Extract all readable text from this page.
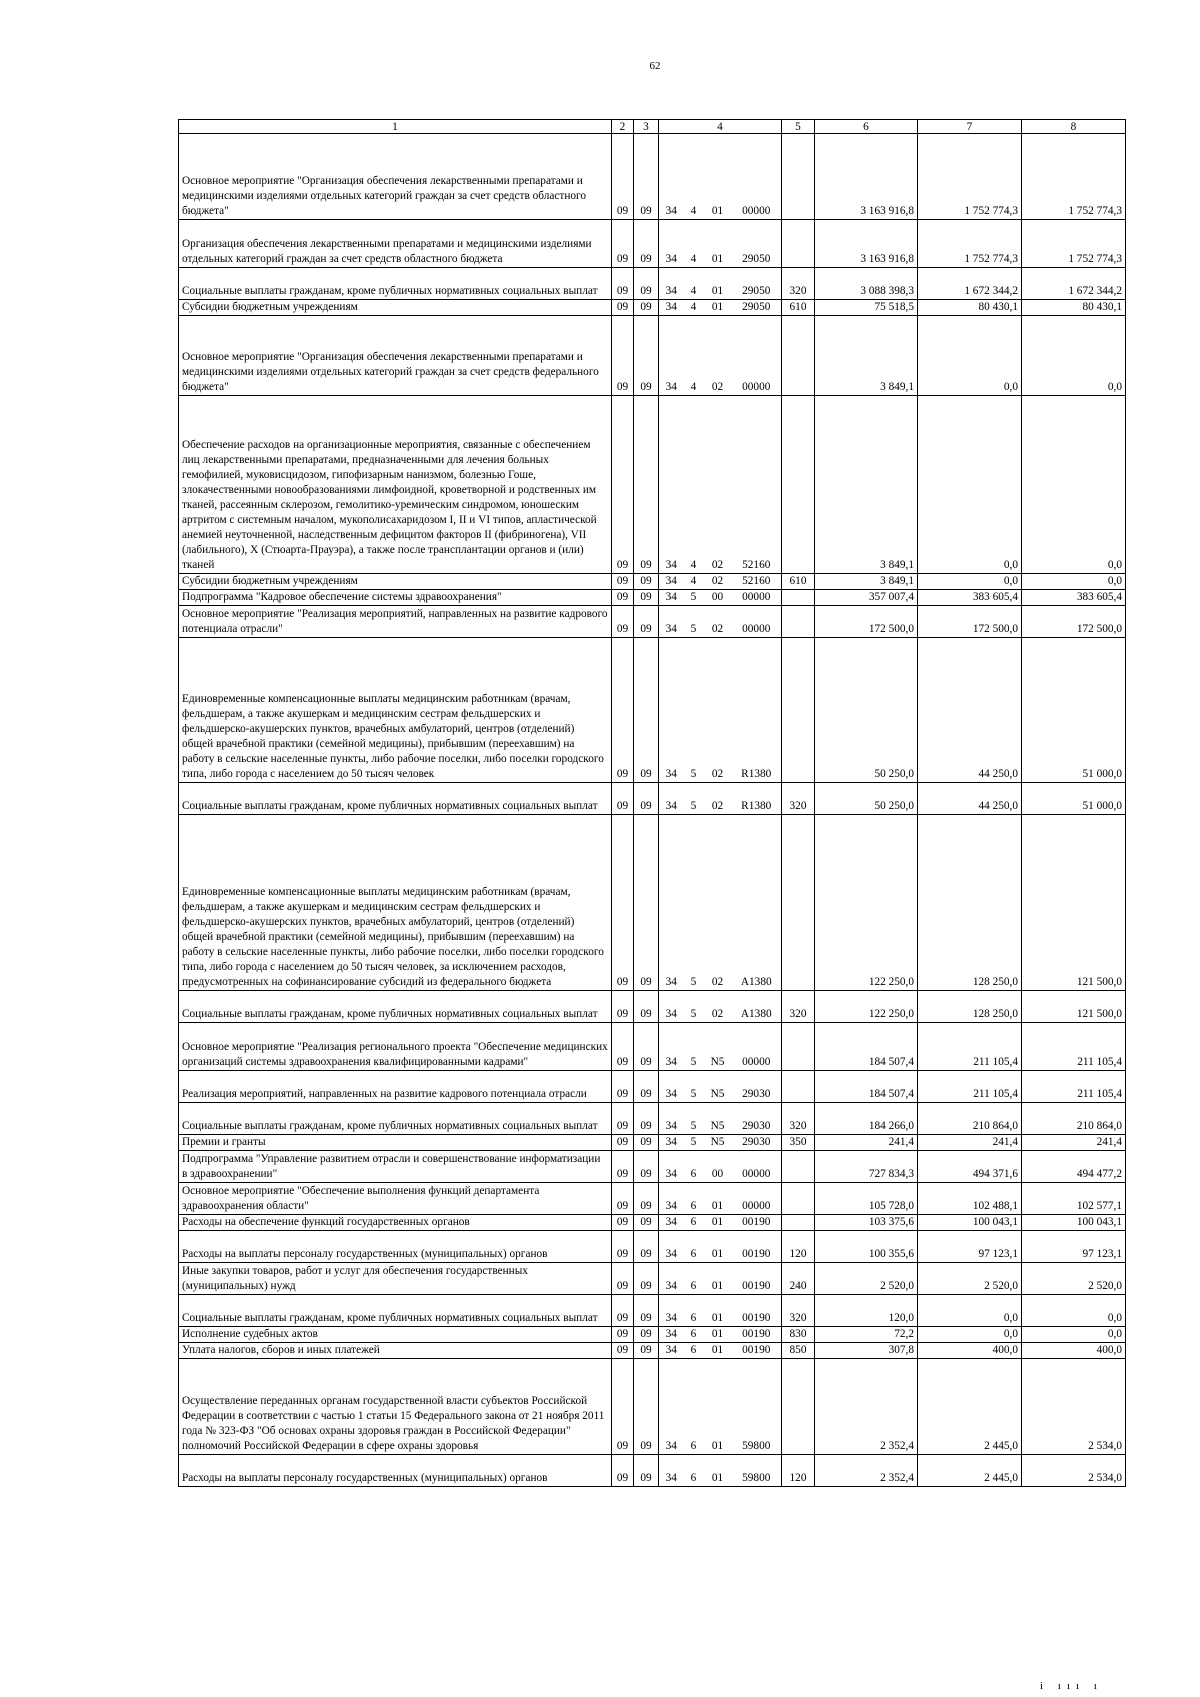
62
1	2	3	4				5	6	7	8
Основное мероприятие "Организация обеспечения лекарственными препаратами и медицинскими изделиями отдельных категорий граждан за счет средств областного бюджета"	09	09	34	4	01	00000		3 163 916,8	1 752 774,3	1 752 774,3
Организация обеспечения лекарственными препаратами и медицинскими изделиями отдельных категорий граждан за счет средств областного бюджета	09	09	34	4	01	29050		3 163 916,8	1 752 774,3	1 752 774,3
Социальные выплаты гражданам, кроме публичных нормативных социальных выплат	09	09	34	4	01	29050	320	3 088 398,3	1 672 344,2	1 672 344,2
Субсидии бюджетным учреждениям	09	09	34	4	01	29050	610	75 518,5	80 430,1	80 430,1
Основное мероприятие "Организация обеспечения лекарственными препаратами и медицинскими изделиями отдельных категорий граждан за счет средств федерального бюджета"	09	09	34	4	02	00000		3 849,1	0,0	0,0
Обеспечение расходов на организационные мероприятия, связанные с обеспечением лиц лекарственными препаратами, предназначенными для лечения больных гемофилией, муковисцидозом, гипофизарным нанизмом, болезнью Гоше, злокачественными новообразованиями лимфоидной, кроветворной и родственных им тканей, рассеянным склерозом, гемолитико-уремическим синдромом, юношеским артритом с системным началом, мукополисахаридозом I, II и VI типов, апластической анемией неуточненной, наследственным дефицитом факторов II (фибриногена), VII (лабильного), X (Стюарта-Прауэра), а также после трансплантации органов и (или) тканей	09	09	34	4	02	52160		3 849,1	0,0	0,0
Субсидии бюджетным учреждениям	09	09	34	4	02	52160	610	3 849,1	0,0	0,0
Подпрограмма "Кадровое обеспечение системы здравоохранения"	09	09	34	5	00	00000		357 007,4	383 605,4	383 605,4
Основное мероприятие "Реализация мероприятий, направленных на развитие кадрового потенциала отрасли"	09	09	34	5	02	00000		172 500,0	172 500,0	172 500,0
Единовременные компенсационные выплаты медицинским работникам (врачам, фельдшерам, а также акушеркам и медицинским сестрам фельдшерских и фельдшерско-акушерских пунктов, врачебных амбулаторий, центров (отделений) общей врачебной практики (семейной медицины), прибывшим (переехавшим) на работу в сельские населенные пункты, либо рабочие поселки, либо поселки городского типа, либо города с населением до 50 тысяч человек	09	09	34	5	02	R1380		50 250,0	44 250,0	51 000,0
Социальные выплаты гражданам, кроме публичных нормативных социальных выплат	09	09	34	5	02	R1380	320	50 250,0	44 250,0	51 000,0
Единовременные компенсационные выплаты медицинским работникам (врачам, фельдшерам, а также акушеркам и медицинским сестрам фельдшерских и фельдшерско-акушерских пунктов, врачебных амбулаторий, центров (отделений) общей врачебной практики (семейной медицины), прибывшим (переехавшим) на работу в сельские населенные пункты, либо рабочие поселки, либо поселки городского типа, либо города с населением до 50 тысяч человек, за исключением расходов, предусмотренных на софинансирование субсидий из федерального бюджета	09	09	34	5	02	A1380		122 250,0	128 250,0	121 500,0
Социальные выплаты гражданам, кроме публичных нормативных социальных выплат	09	09	34	5	02	A1380	320	122 250,0	128 250,0	121 500,0
Основное мероприятие "Реализация регионального проекта "Обеспечение медицинских организаций системы здравоохранения квалифицированными кадрами"	09	09	34	5	N5	00000		184 507,4	211 105,4	211 105,4
Реализация мероприятий, направленных на развитие кадрового потенциала отрасли	09	09	34	5	N5	29030		184 507,4	211 105,4	211 105,4
Социальные выплаты гражданам, кроме публичных нормативных социальных выплат	09	09	34	5	N5	29030	320	184 266,0	210 864,0	210 864,0
Премии и гранты	09	09	34	5	N5	29030	350	241,4	241,4	241,4
Подпрограмма "Управление развитием отрасли и совершенствование информатизации в здравоохранении"	09	09	34	6	00	00000		727 834,3	494 371,6	494 477,2
Основное мероприятие "Обеспечение выполнения функций департамента здравоохранения области"	09	09	34	6	01	00000		105 728,0	102 488,1	102 577,1
Расходы на обеспечение функций государственных органов	09	09	34	6	01	00190		103 375,6	100 043,1	100 043,1
Расходы на выплаты персоналу государственных (муниципальных) органов	09	09	34	6	01	00190	120	100 355,6	97 123,1	97 123,1
Иные закупки товаров, работ и услуг для обеспечения государственных (муниципальных) нужд	09	09	34	6	01	00190	240	2 520,0	2 520,0	2 520,0
Социальные выплаты гражданам, кроме публичных нормативных социальных выплат	09	09	34	6	01	00190	320	120,0	0,0	0,0
Исполнение судебных актов	09	09	34	6	01	00190	830	72,2	0,0	0,0
Уплата налогов, сборов и иных платежей	09	09	34	6	01	00190	850	307,8	400,0	400,0
Осуществление переданных органам государственной власти субъектов Российской Федерации в соответствии с частью 1 статьи 15 Федерального закона от 21 ноября 2011 года № 323-ФЗ "Об основах охраны здоровья граждан в Российской Федерации" полномочий Российской Федерации в сфере охраны здоровья	09	09	34	6	01	59800		2 352,4	2 445,0	2 534,0
Расходы на выплаты персоналу государственных (муниципальных) органов	09	09	34	6	01	59800	120	2 352,4	2 445,0	2 534,0
i ııı ı
